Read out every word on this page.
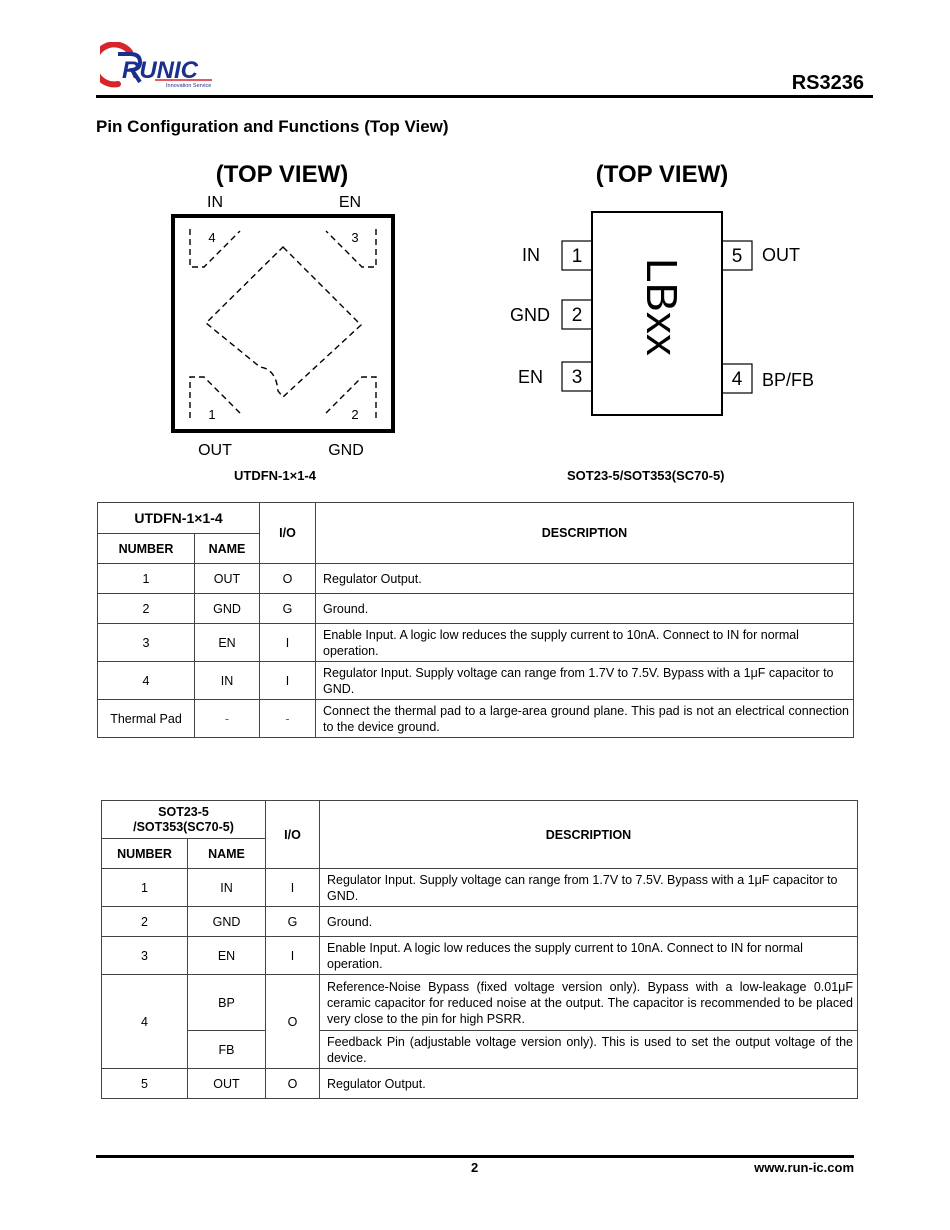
RUNIC
Innovation Service	RS3236
Pin Configuration and Functions (Top View)
(TOP VIEW)
IN	EN
4	3
1	2
OUT	GND
(TOP VIEW)
LBxx
1
2
3
5
4
IN
GND
EN
OUT
BP/FB
UTDFN-1×1-4	SOT23-5/SOT353(SC70-5)
UTDFN-1×1-4		I/O	DESCRIPTION
NUMBER	NAME		
1	OUT	O	Regulator Output.
2	GND	G	Ground.
3	EN	I	Enable Input. A logic low reduces the supply current to 10nA. Connect to IN for normal operation.
4	IN	I	Regulator Input. Supply voltage can range from 1.7V to 7.5V. Bypass with a 1μF capacitor to GND.
Thermal Pad	-	-	Connect the thermal pad to a large-area ground plane. This pad is not an electrical connection to the device ground.
SOT23-5
/SOT353(SC70-5)		I/O	DESCRIPTION
NUMBER	NAME		
1	IN	I	Regulator Input. Supply voltage can range from 1.7V to 7.5V. Bypass with a 1μF capacitor to GND.
2	GND	G	Ground.
3	EN	I	Enable Input. A logic low reduces the supply current to 10nA. Connect to IN for normal operation.
4	BP	O	Reference-Noise Bypass (fixed voltage version only). Bypass with a low-leakage 0.01μF ceramic capacitor for reduced noise at the output. The capacitor is recommended to be placed very close to the pin for high PSRR.
	FB		Feedback Pin (adjustable voltage version only). This is used to set the output voltage of the device.
5	OUT	O	Regulator Output.
2	www.run-ic.com
